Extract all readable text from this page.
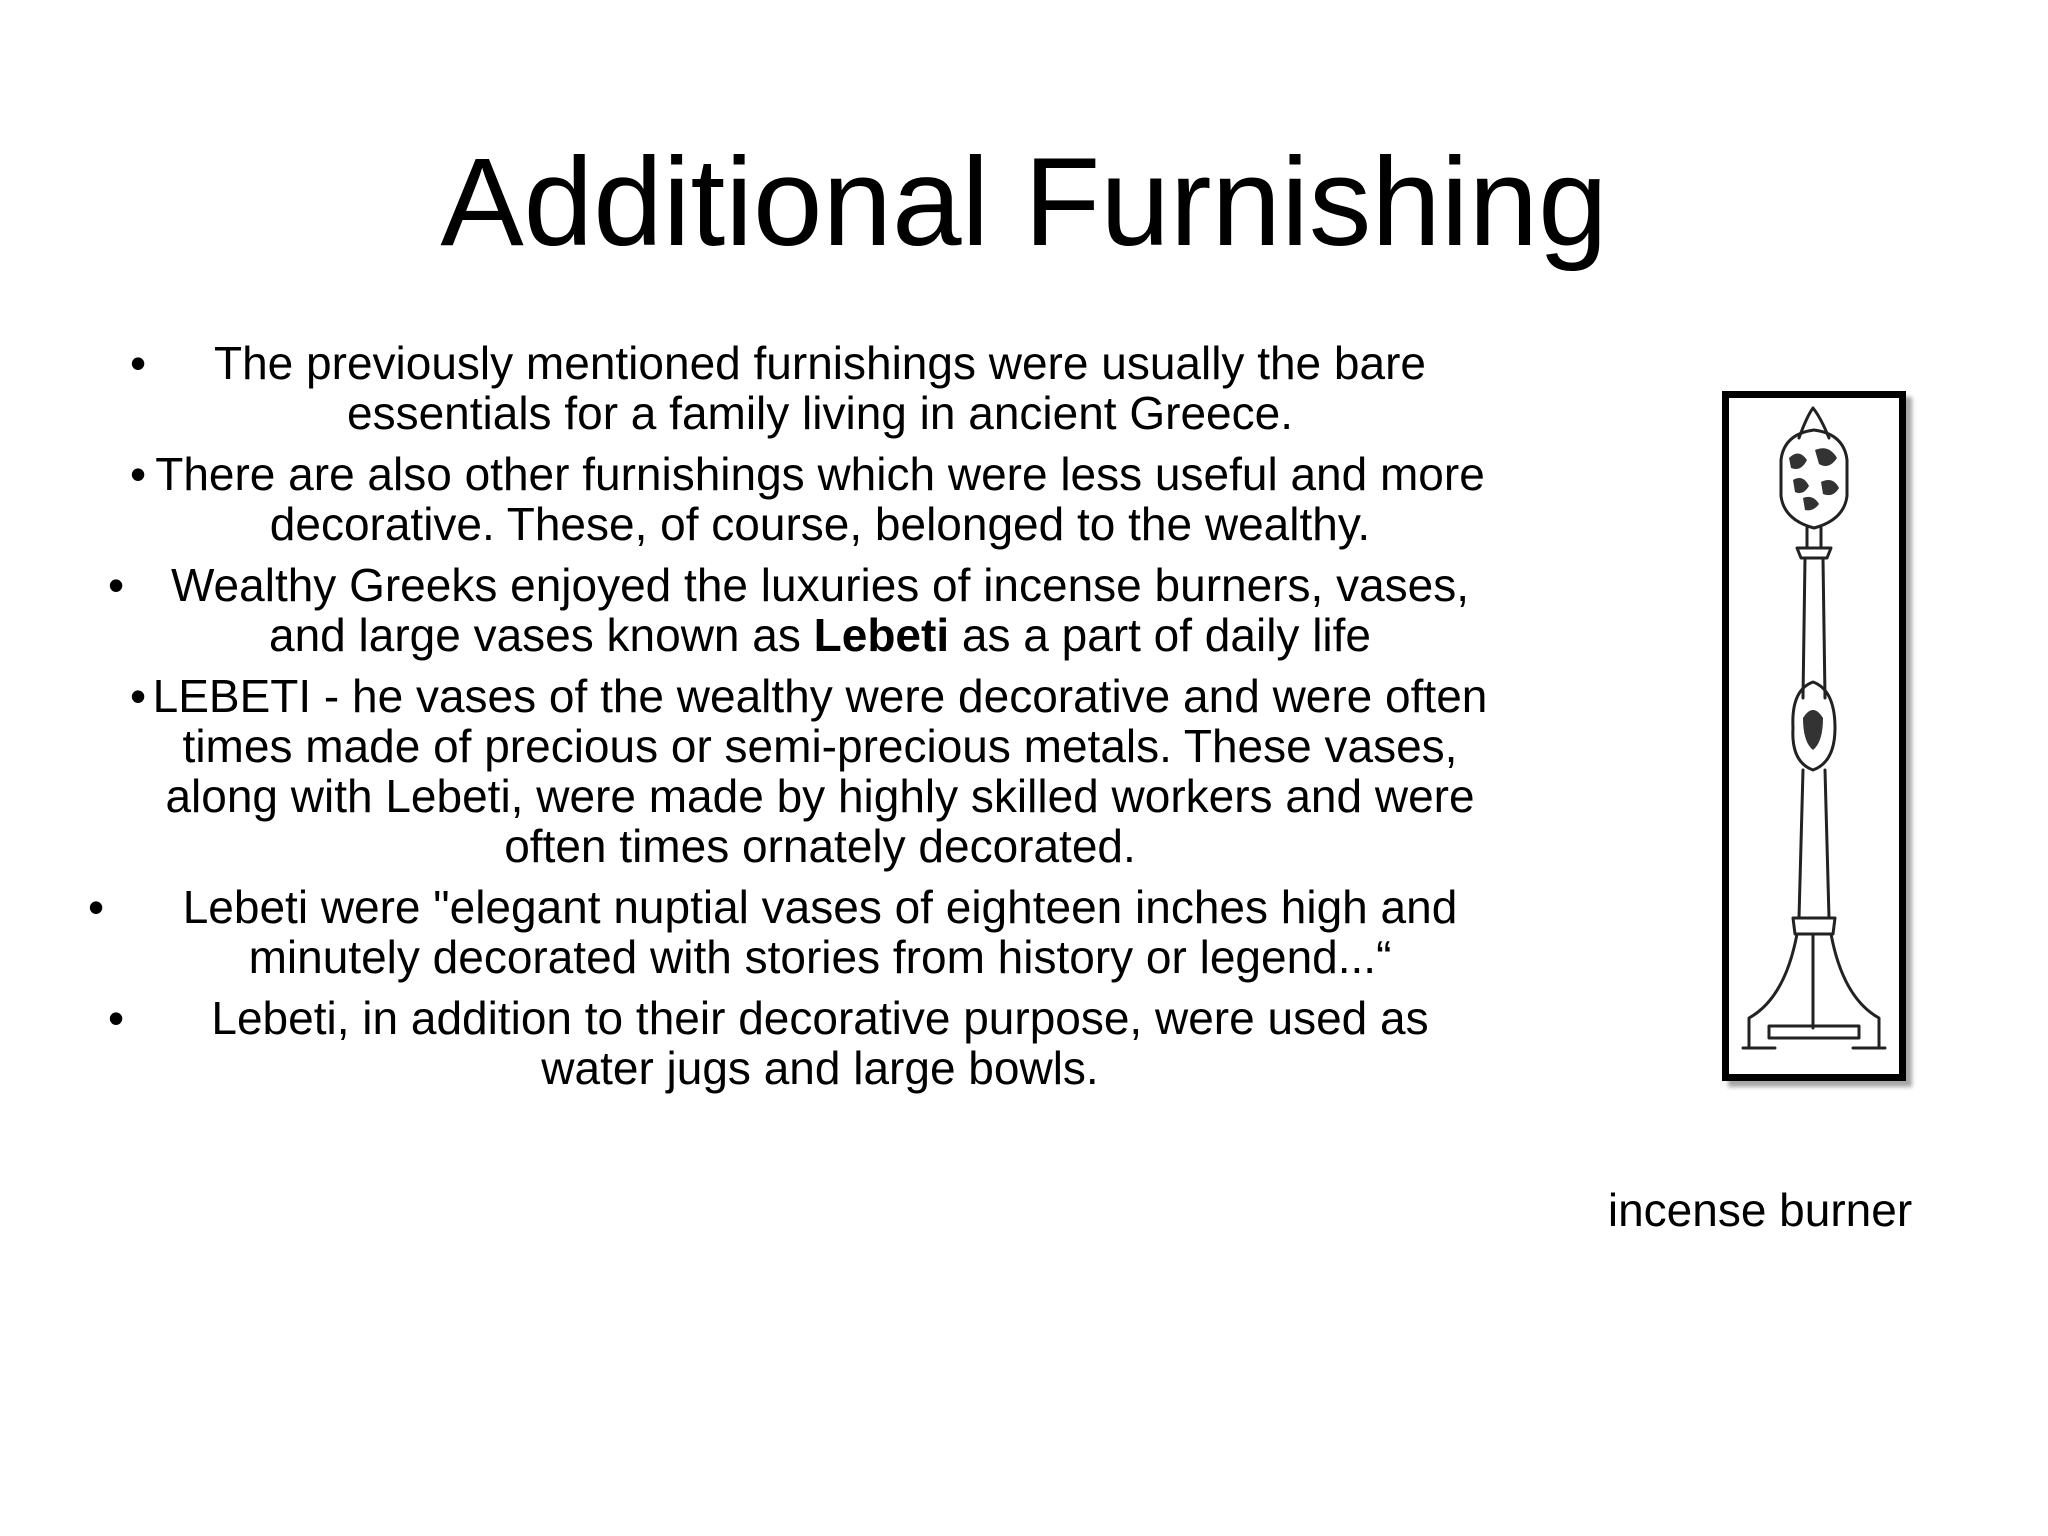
Additional Furnishing
• The previously mentioned furnishings were usually the bare essentials for a family living in ancient Greece.
• There are also other furnishings which were less useful and more decorative. These, of course, belonged to the wealthy.
• Wealthy Greeks enjoyed the luxuries of incense burners, vases, and large vases known as Lebeti as a part of daily life
• LEBETI - he vases of the wealthy were decorative and were often times made of precious or semi-precious metals. These vases, along with Lebeti, were made by highly skilled workers and were often times ornately decorated.
• Lebeti were "elegant nuptial vases of eighteen inches high and minutely decorated with stories from history or legend...“
• Lebeti, in addition to their decorative purpose, were used as water jugs and large bowls.
incense burner
